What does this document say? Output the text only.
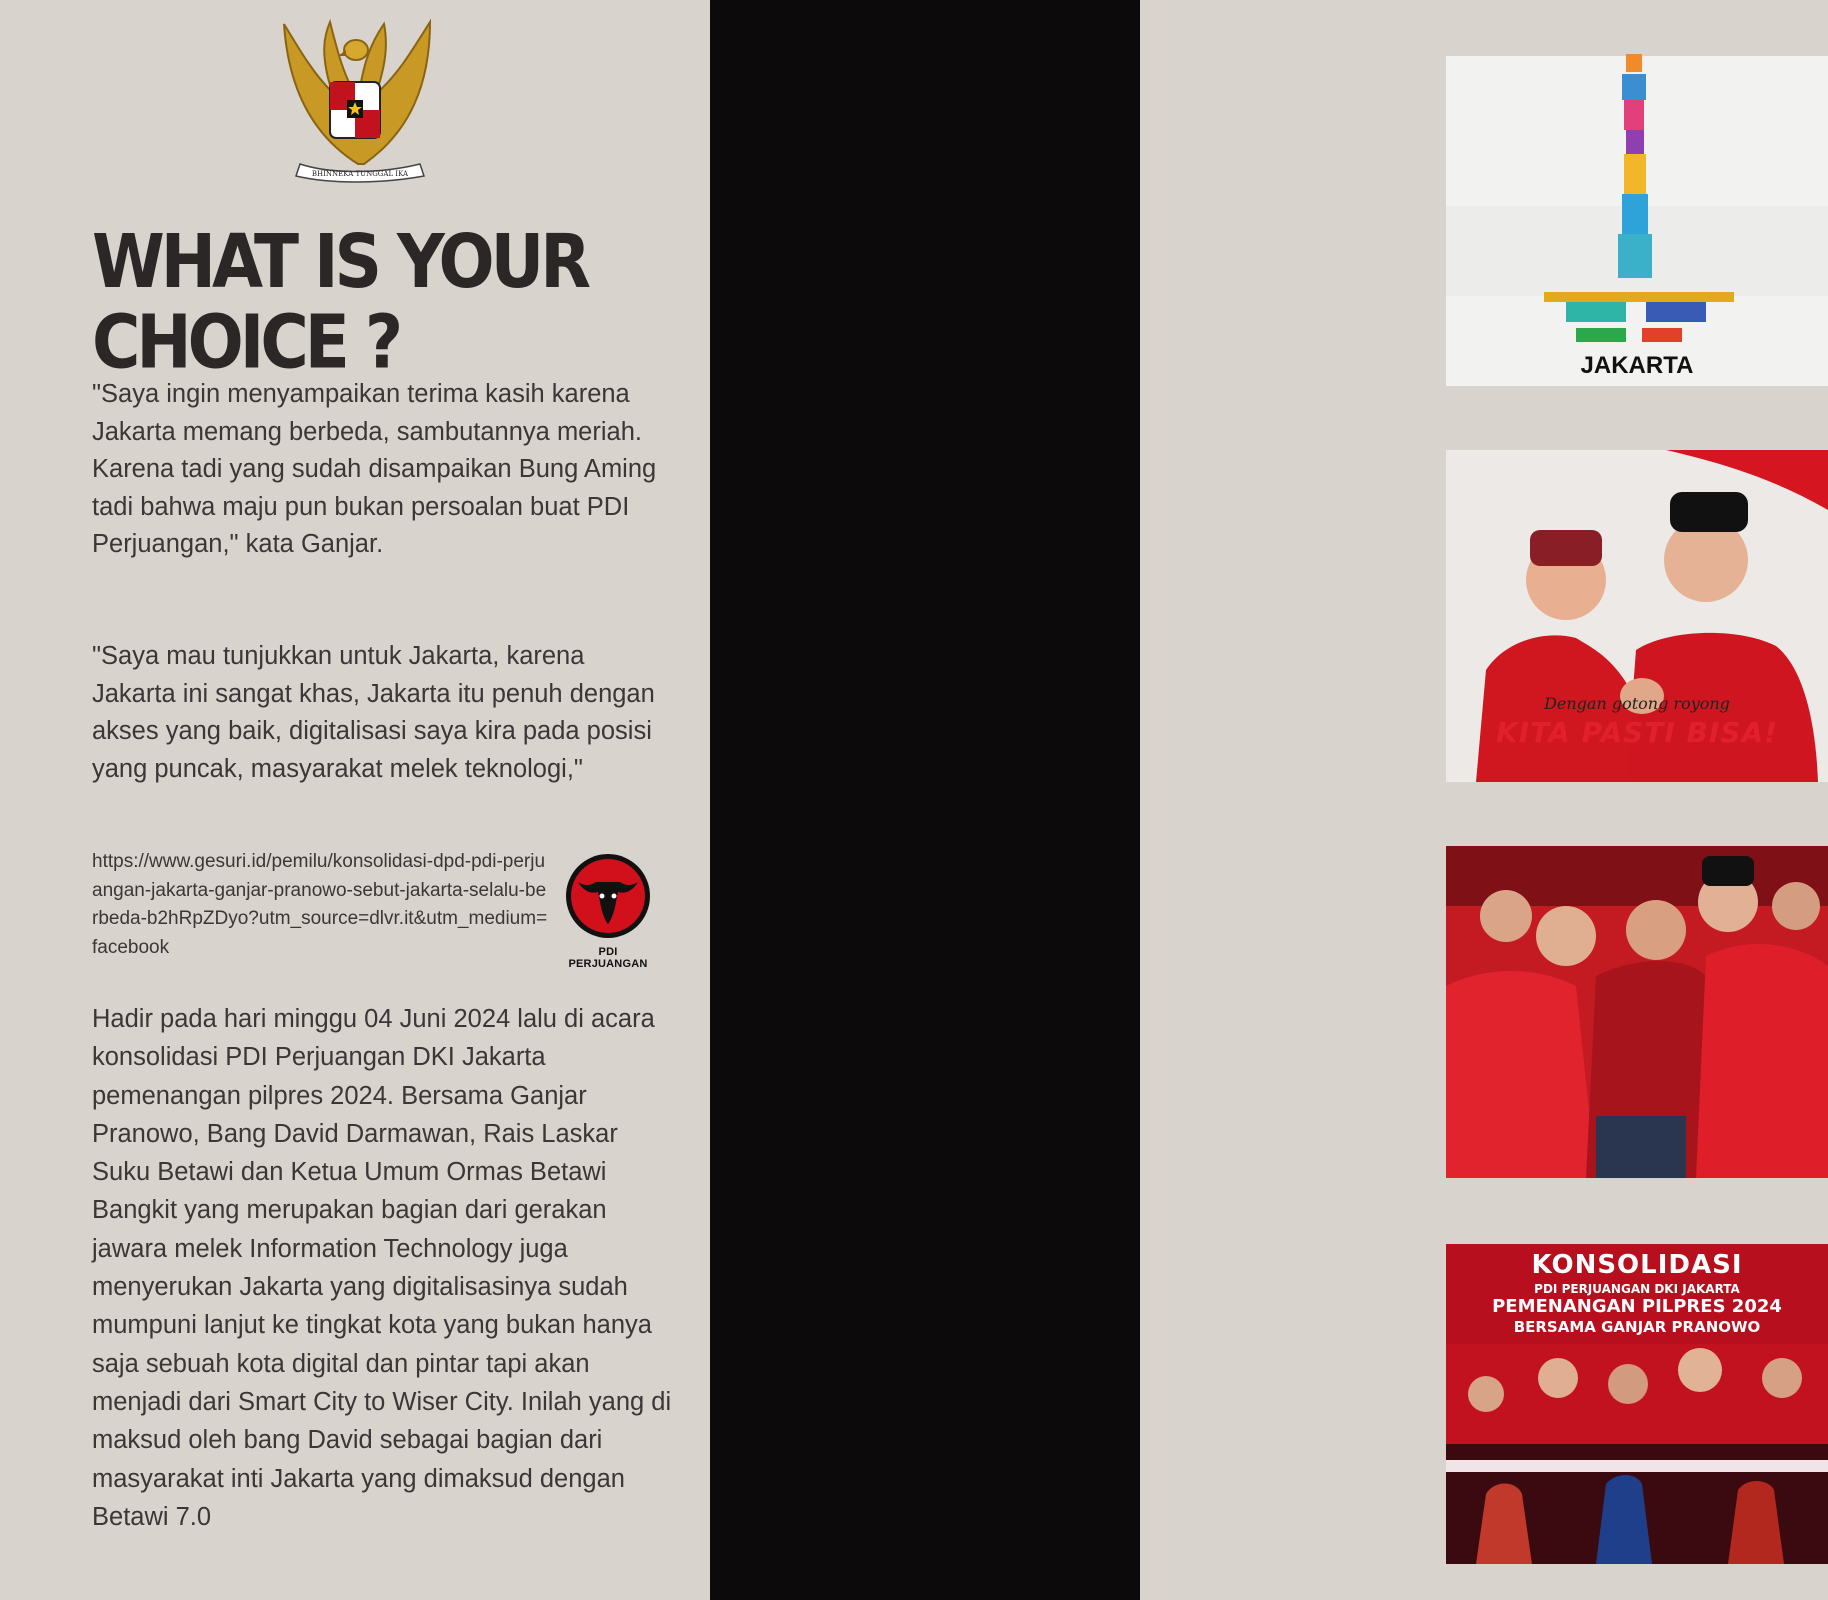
BHINNEKA TUNGGAL IKA
WHAT IS YOUR CHOICE ?

"Saya ingin menyampaikan terima kasih karena Jakarta memang berbeda, sambutannya meriah. Karena tadi yang sudah disampaikan Bung Aming tadi bahwa maju pun bukan persoalan buat PDI Perjuangan," kata Ganjar.

"Saya mau tunjukkan untuk Jakarta, karena Jakarta ini sangat khas, Jakarta itu penuh dengan akses yang baik, digitalisasi saya kira pada posisi yang puncak, masyarakat melek teknologi,"

https://www.gesuri.id/pemilu/konsolidasi-dpd-pdi-perjuangan-jakarta-ganjar-pranowo-sebut-jakarta-selalu-berbeda-b2hRpZDyo?utm_source=dlvr.it&utm_medium=facebook	PDI PERJUANGAN

Hadir pada hari minggu 04 Juni 2024 lalu di acara konsolidasi PDI Perjuangan DKI Jakarta pemenangan pilpres 2024. Bersama Ganjar Pranowo, Bang David Darmawan, Rais Laskar Suku Betawi dan Ketua Umum Ormas Betawi Bangkit yang merupakan bagian dari gerakan jawara melek Information Technology juga menyerukan Jakarta yang digitalisasinya sudah mumpuni lanjut ke tingkat kota yang bukan hanya saja sebuah kota digital dan pintar tapi akan menjadi dari Smart City to Wiser City. Inilah yang di maksud oleh bang David sebagai bagian dari masyarakat inti Jakarta yang dimaksud dengan Betawi 7.0

JAKARTA
Dengan gotong royong
KITA PASTI BISA!
KONSOLIDASI
PDI PERJUANGAN DKI JAKARTA
PEMENANGAN PILPRES 2024
BERSAMA GANJAR PRANOWO
